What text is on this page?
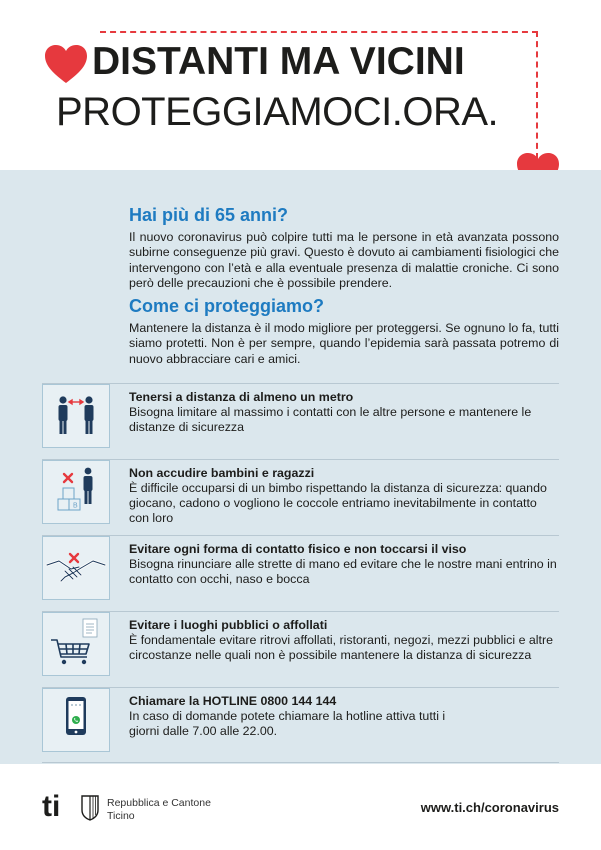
DISTANTI MA VICINI
PROTEGGIAMOCI.ORA.
Hai più di 65 anni?

Il nuovo coronavirus può colpire tutti ma le persone in età avanzata possono subirne conseguenze più gravi. Questo è dovuto ai cambiamenti fisiologici che intervengono con l’età e alla eventuale presenza di malattie croniche. Ci sono però delle precauzioni che è possibile prendere.

Come ci proteggiamo?

Mantenere la distanza è il modo migliore per proteggersi. Se ognuno lo fa, tutti siamo protetti. Non è per sempre, quando l’epidemia sarà passata potremo di nuovo abbracciare cari e amici.

Tenersi a distanza di almeno un metro

Bisogna limitare al massimo i contatti con le altre persone e mantenere le distanze di sicurezza

B

Non accudire bambini e ragazzi

È difficile occuparsi di un bimbo rispettando la distanza di sicurezza: quando giocano, cadono o vogliono le coccole entriamo inevitabilmente in contatto con loro

Evitare ogni forma di contatto fisico e non toccarsi il viso

Bisogna rinunciare alle strette di mano ed evitare che le nostre mani entrino in contatto con occhi, naso e bocca

Evitare i luoghi pubblici o affollati

È fondamentale evitare ritrovi affollati, ristoranti, negozi, mezzi pubblici e altre circostanze nelle quali non è possibile mantenere la distanza di sicurezza

Chiamare la HOTLINE 0800 144 144

In caso di domande potete chiamare la hotline attiva tutti i giorni dalle 7.00 alle 22.00.

ti	Repubblica e Cantone
Ticino
www.ti.ch/coronavirus
